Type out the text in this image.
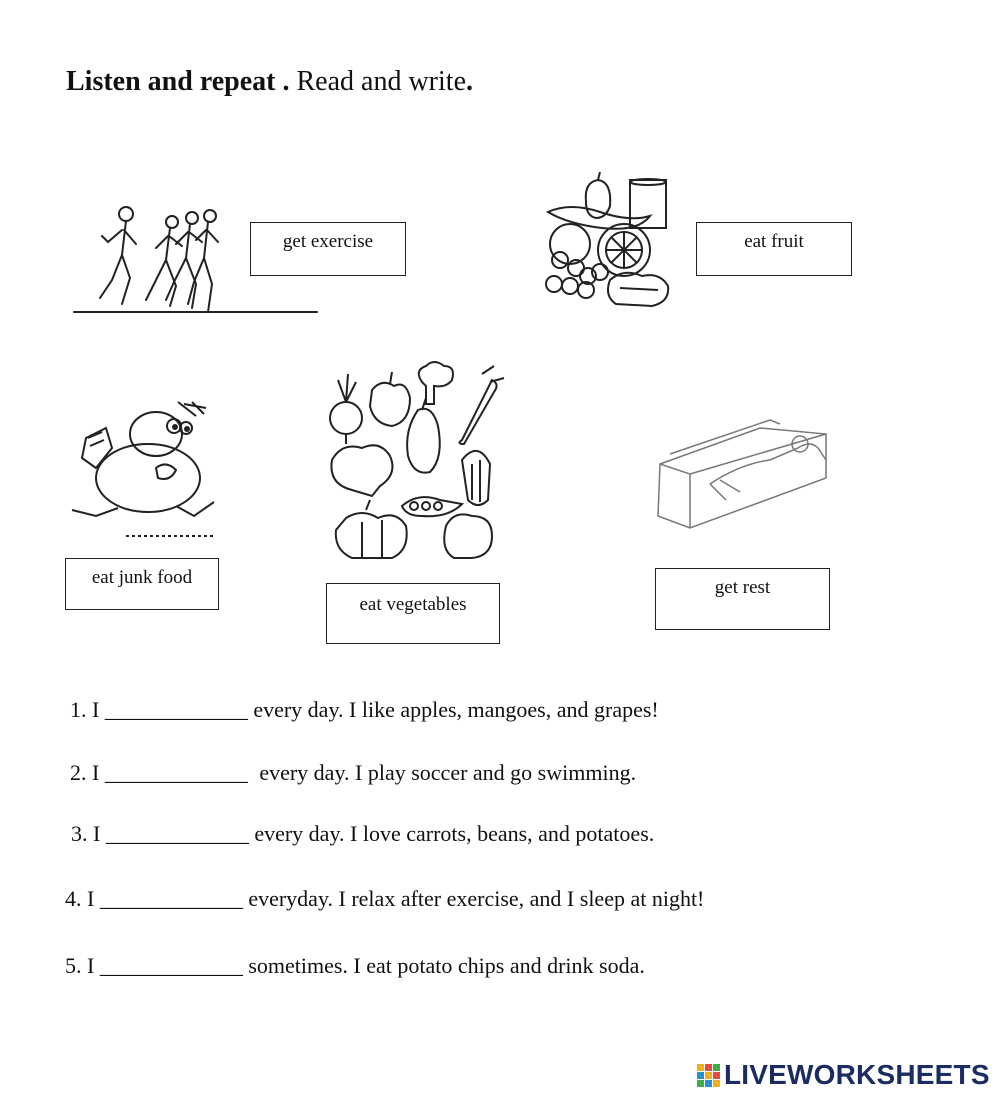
Listen and repeat . Read and write.
get exercise	eat fruit
eat junk food
eat vegetables
get rest
1. I _____________ every day. I like apples, mangoes, and grapes!
2. I _____________ every day. I play soccer and go swimming.
3. I _____________ every day. I love carrots, beans, and potatoes.
4. I _____________ everyday. I relax after exercise, and I sleep at night!
5. I _____________ sometimes. I eat potato chips and drink soda.
LIVEWORKSHEETS
